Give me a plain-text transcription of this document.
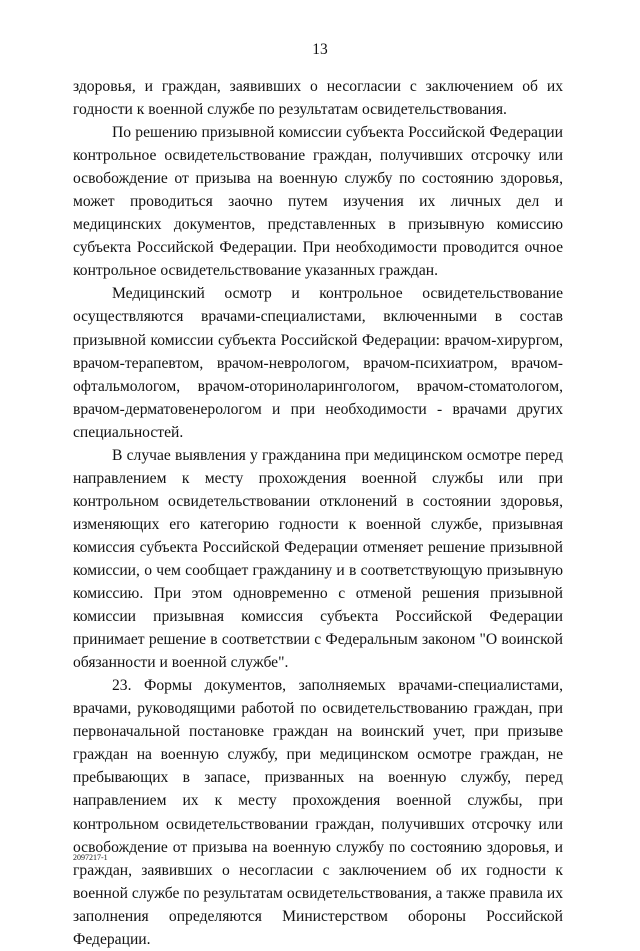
13

здоровья, и граждан, заявивших о несогласии с заключением об их годности к военной службе по результатам освидетельствования.

По решению призывной комиссии субъекта Российской Федерации контрольное освидетельствование граждан, получивших отсрочку или освобождение от призыва на военную службу по состоянию здоровья, может проводиться заочно путем изучения их личных дел и медицинских документов, представленных в призывную комиссию субъекта Российской Федерации. При необходимости проводится очное контрольное освидетельствование указанных граждан.

Медицинский осмотр и контрольное освидетельствование осуществляются врачами-специалистами, включенными в состав призывной комиссии субъекта Российской Федерации: врачом-хирургом, врачом-терапевтом, врачом-неврологом, врачом-психиатром, врачом-офтальмологом, врачом-оториноларингологом, врачом-стоматологом, врачом-дерматовенерологом и при необходимости - врачами других специальностей.

В случае выявления у гражданина при медицинском осмотре перед направлением к месту прохождения военной службы или при контрольном освидетельствовании отклонений в состоянии здоровья, изменяющих его категорию годности к военной службе, призывная комиссия субъекта Российской Федерации отменяет решение призывной комиссии, о чем сообщает гражданину и в соответствующую призывную комиссию. При этом одновременно с отменой решения призывной комиссии призывная комиссия субъекта Российской Федерации принимает решение в соответствии с Федеральным законом "О воинской обязанности и военной службе".

23. Формы документов, заполняемых врачами-специалистами, врачами, руководящими работой по освидетельствованию граждан, при первоначальной постановке граждан на воинский учет, при призыве граждан на военную службу, при медицинском осмотре граждан, не пребывающих в запасе, призванных на военную службу, перед направлением их к месту прохождения военной службы, при контрольном освидетельствовании граждан, получивших отсрочку или освобождение от призыва на военную службу по состоянию здоровья, и граждан, заявивших о несогласии с заключением об их годности к военной службе по результатам освидетельствования, а также правила их заполнения определяются Министерством обороны Российской Федерации.

2097217-1
